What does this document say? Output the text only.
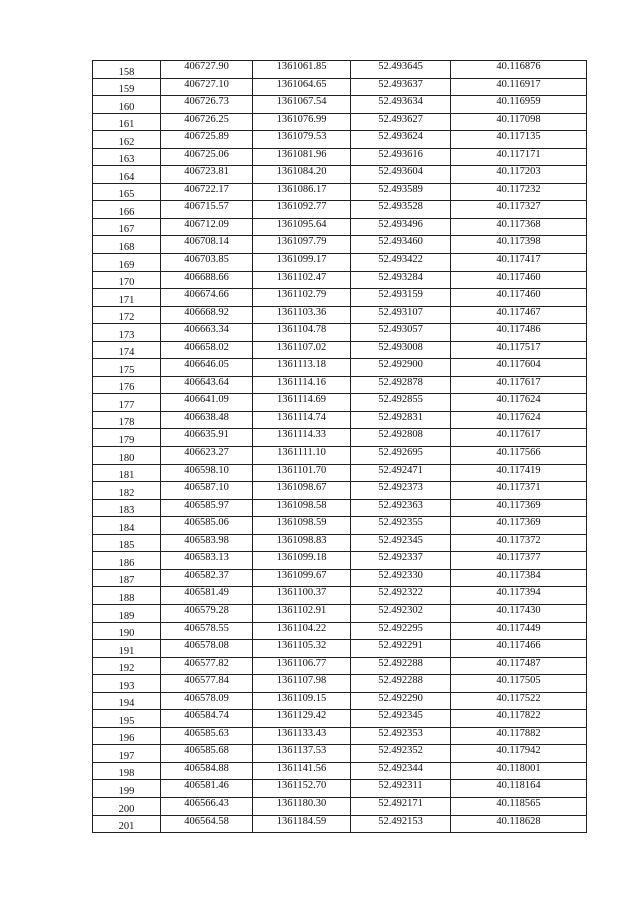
158	406727.90	1361061.85	52.493645	40.116876
159	406727.10	1361064.65	52.493637	40.116917
160	406726.73	1361067.54	52.493634	40.116959
161	406726.25	1361076.99	52.493627	40.117098
162	406725.89	1361079.53	52.493624	40.117135
163	406725.06	1361081.96	52.493616	40.117171
164	406723.81	1361084.20	52.493604	40.117203
165	406722.17	1361086.17	52.493589	40.117232
166	406715.57	1361092.77	52.493528	40.117327
167	406712.09	1361095.64	52.493496	40.117368
168	406708.14	1361097.79	52.493460	40.117398
169	406703.85	1361099.17	52.493422	40.117417
170	406688.66	1361102.47	52.493284	40.117460
171	406674.66	1361102.79	52.493159	40.117460
172	406668.92	1361103.36	52.493107	40.117467
173	406663.34	1361104.78	52.493057	40.117486
174	406658.02	1361107.02	52.493008	40.117517
175	406646.05	1361113.18	52.492900	40.117604
176	406643.64	1361114.16	52.492878	40.117617
177	406641.09	1361114.69	52.492855	40.117624
178	406638.48	1361114.74	52.492831	40.117624
179	406635.91	1361114.33	52.492808	40.117617
180	406623.27	1361111.10	52.492695	40.117566
181	406598.10	1361101.70	52.492471	40.117419
182	406587.10	1361098.67	52.492373	40.117371
183	406585.97	1361098.58	52.492363	40.117369
184	406585.06	1361098.59	52.492355	40.117369
185	406583.98	1361098.83	52.492345	40.117372
186	406583.13	1361099.18	52.492337	40.117377
187	406582.37	1361099.67	52.492330	40.117384
188	406581.49	1361100.37	52.492322	40.117394
189	406579.28	1361102.91	52.492302	40.117430
190	406578.55	1361104.22	52.492295	40.117449
191	406578.08	1361105.32	52.492291	40.117466
192	406577.82	1361106.77	52.492288	40.117487
193	406577.84	1361107.98	52.492288	40.117505
194	406578.09	1361109.15	52.492290	40.117522
195	406584.74	1361129.42	52.492345	40.117822
196	406585.63	1361133.43	52.492353	40.117882
197	406585.68	1361137.53	52.492352	40.117942
198	406584.88	1361141.56	52.492344	40.118001
199	406581.46	1361152.70	52.492311	40.118164
200	406566.43	1361180.30	52.492171	40.118565
201	406564.58	1361184.59	52.492153	40.118628
